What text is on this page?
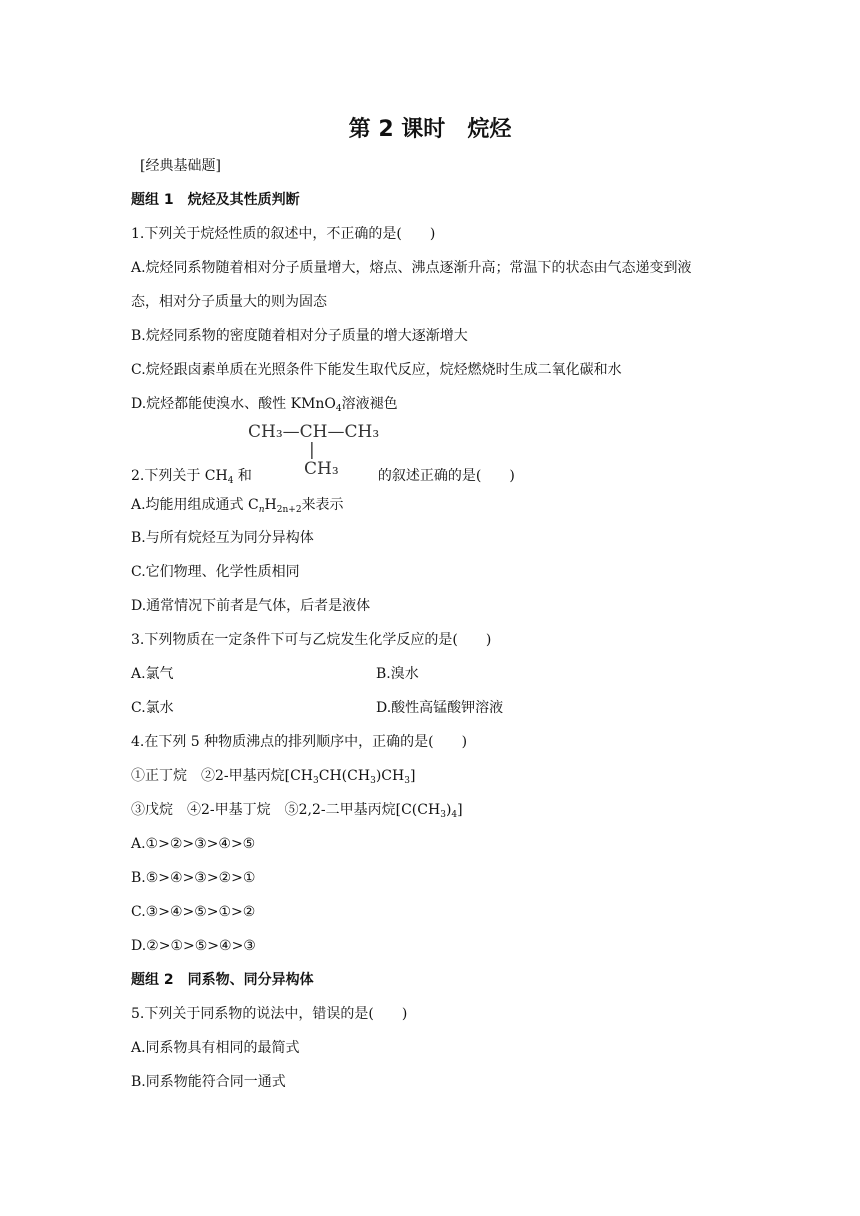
第 2 课时 烷烃
[经典基础题]
题组 1　烷烃及其性质判断
1.下列关于烷烃性质的叙述中，不正确的是(　　)
A.烷烃同系物随着相对分子质量增大，熔点、沸点逐渐升高；常温下的状态由气态递变到液
态，相对分子质量大的则为固态
B.烷烃同系物的密度随着相对分子质量的增大逐渐增大
C.烷烃跟卤素单质在光照条件下能发生取代反应，烷烃燃烧时生成二氧化碳和水
D.烷烃都能使溴水、酸性 KMnO$_4$溶液褪色
CH₃—CH—CH₃
|
CH₃
2.下列关于 $CH_4$ 和	的叙述正确的是(　　)
A.均能用组成通式 $C_nH_{2n+2}$来表示
B.与所有烷烃互为同分异构体
C.它们物理、化学性质相同
D.通常情况下前者是气体，后者是液体
3.下列物质在一定条件下可与乙烷发生化学反应的是(　　)
A.氯气	B.溴水
C.氯水	D.酸性高锰酸钾溶液
4.在下列 5 种物质沸点的排列顺序中，正确的是(　　)
①正丁烷　②2-甲基丙烷$[CH_3CH(CH_3)CH_3]$
③戊烷　④2-甲基丁烷　⑤2,2-二甲基丙烷$[C(CH_3)_4]$
A.①>②>③>④>⑤
B.⑤>④>③>②>①
C.③>④>⑤>①>②
D.②>①>⑤>④>③
题组 2　同系物、同分异构体
5.下列关于同系物的说法中，错误的是(　　)
A.同系物具有相同的最简式
B.同系物能符合同一通式
